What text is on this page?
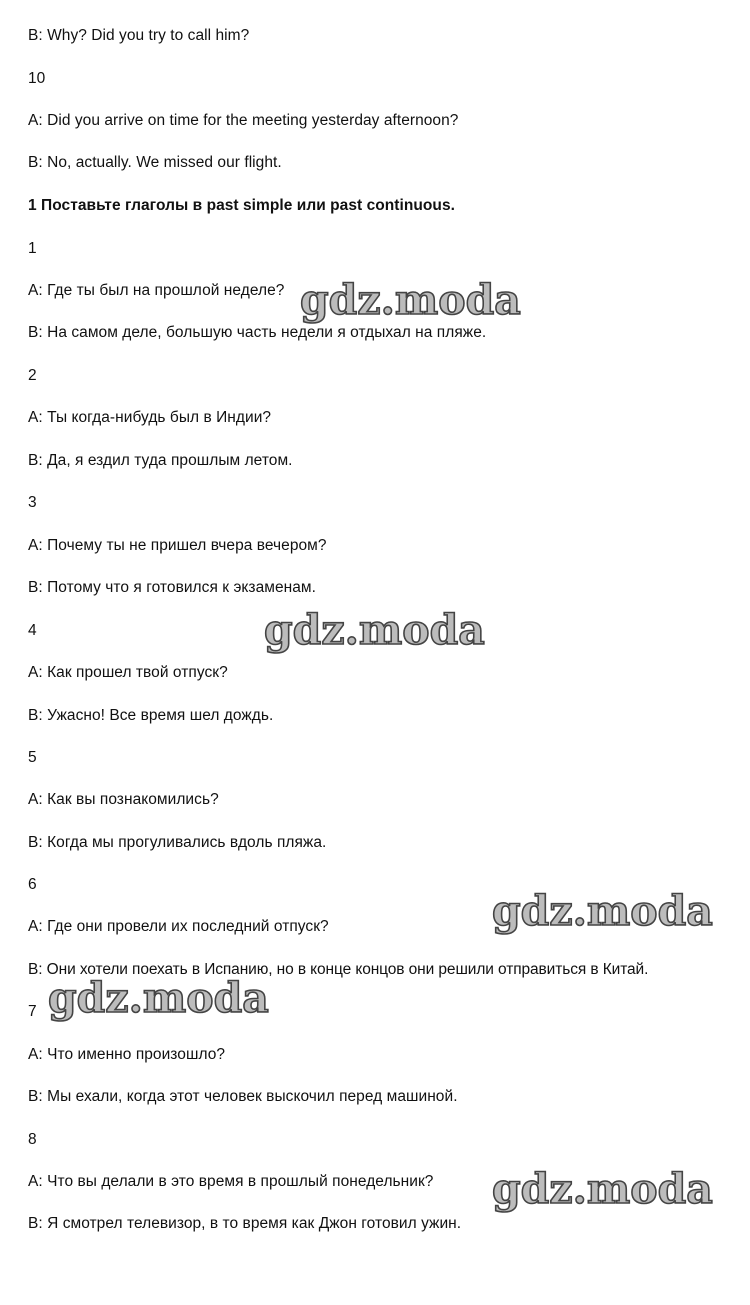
B: Why? Did you try to call him?
10
A: Did you arrive on time for the meeting yesterday afternoon?
B: No, actually. We missed our flight.
1 Поставьте глаголы в past simple или past continuous.
1
A: Где ты был на прошлой неделе?
B: На самом деле, большую часть недели я отдыхал на пляже.
2
A: Ты когда-нибудь был в Индии?
B: Да, я ездил туда прошлым летом.
3
A: Почему ты не пришел вчера вечером?
B: Потому что я готовился к экзаменам.
4
A: Как прошел твой отпуск?
B: Ужасно! Все время шел дождь.
5
A: Как вы познакомились?
B: Когда мы прогуливались вдоль пляжа.
6
A: Где они провели их последний отпуск?
B: Они хотели поехать в Испанию, но в конце концов они решили отправиться в Китай.
7
A: Что именно произошло?
B: Мы ехали, когда этот человек выскочил перед машиной.
8
A: Что вы делали в это время в прошлый понедельник?
B: Я смотрел телевизор, в то время как Джон готовил ужин.
gdz.moda
gdz.moda
gdz.moda
gdz.moda
gdz.moda
